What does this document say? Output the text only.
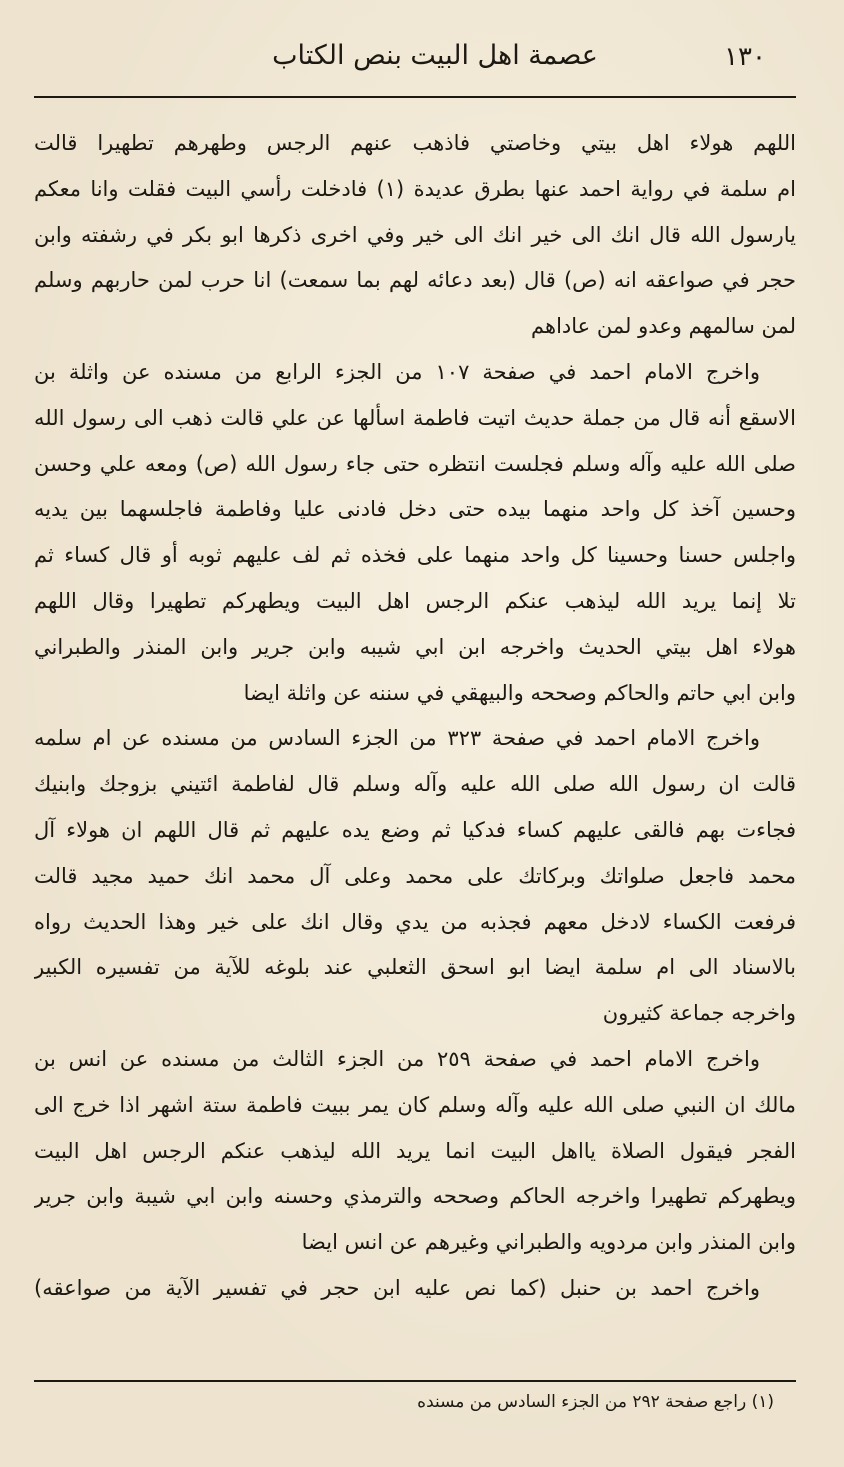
١٣٠
عصمة اهل البيت بنص الكتاب
اللهم هولاء اهل بيتي وخاصتي فاذهب عنهم الرجس وطهرهم تطهيرا قالت
ام سلمة في رواية احمد عنها بطرق عديدة (١) فادخلت رأسي البيت فقلت وانا معكم
يارسول الله قال انك الى خير انك الى خير وفي اخرى ذكرها ابو بكر في رشفته وابن
حجر في صواعقه انه (ص) قال (بعد دعائه لهم بما سمعت) انا حرب لمن حاربهم وسلم
لمن سالمهم وعدو لمن عاداهم
واخرج الامام احمد في صفحة ١٠٧ من الجزء الرابع من مسنده عن واثلة بن
الاسقع أنه قال من جملة حديث اتيت فاطمة اسألها عن علي قالت ذهب الى رسول الله
صلى الله عليه وآله وسلم فجلست انتظره حتى جاء رسول الله (ص) ومعه علي وحسن
وحسين آخذ كل واحد منهما بيده حتى دخل فادنى عليا وفاطمة فاجلسهما بين يديه
واجلس حسنا وحسينا كل واحد منهما على فخذه ثم لف عليهم ثوبه أو قال كساء ثم
تلا إنما يريد الله ليذهب عنكم الرجس اهل البيت ويطهركم تطهيرا وقال اللهم
هولاء اهل بيتي الحديث واخرجه ابن ابي شيبه وابن جرير وابن المنذر والطبراني
وابن ابي حاتم والحاكم وصححه والبيهقي في سننه عن واثلة ايضا
واخرج الامام احمد في صفحة ٣٢٣ من الجزء السادس من مسنده عن ام سلمه
قالت ان رسول الله صلى الله عليه وآله وسلم قال لفاطمة ائتيني بزوجك وابنيك
فجاءت بهم فالقى عليهم كساء فدكيا ثم وضع يده عليهم ثم قال اللهم ان هولاء آل
محمد فاجعل صلواتك وبركاتك على محمد وعلى آل محمد انك حميد مجيد قالت
فرفعت الكساء لادخل معهم فجذبه من يدي وقال انك على خير وهذا الحديث رواه
بالاسناد الى ام سلمة ايضا ابو اسحق الثعلبي عند بلوغه للآية من تفسيره الكبير
واخرجه جماعة كثيرون
واخرج الامام احمد في صفحة ٢٥٩ من الجزء الثالث من مسنده عن انس بن
مالك ان النبي صلى الله عليه وآله وسلم كان يمر ببيت فاطمة ستة اشهر اذا خرج الى
الفجر فيقول الصلاة يااهل البيت انما يريد الله ليذهب عنكم الرجس اهل البيت
ويطهركم تطهيرا واخرجه الحاكم وصححه والترمذي وحسنه وابن ابي شيبة وابن جرير
وابن المنذر وابن مردويه والطبراني وغيرهم عن انس ايضا
واخرج احمد بن حنبل (كما نص عليه ابن حجر في تفسير الآية من صواعقه)
(١) راجع صفحة ٢٩٢ من الجزء السادس من مسنده
